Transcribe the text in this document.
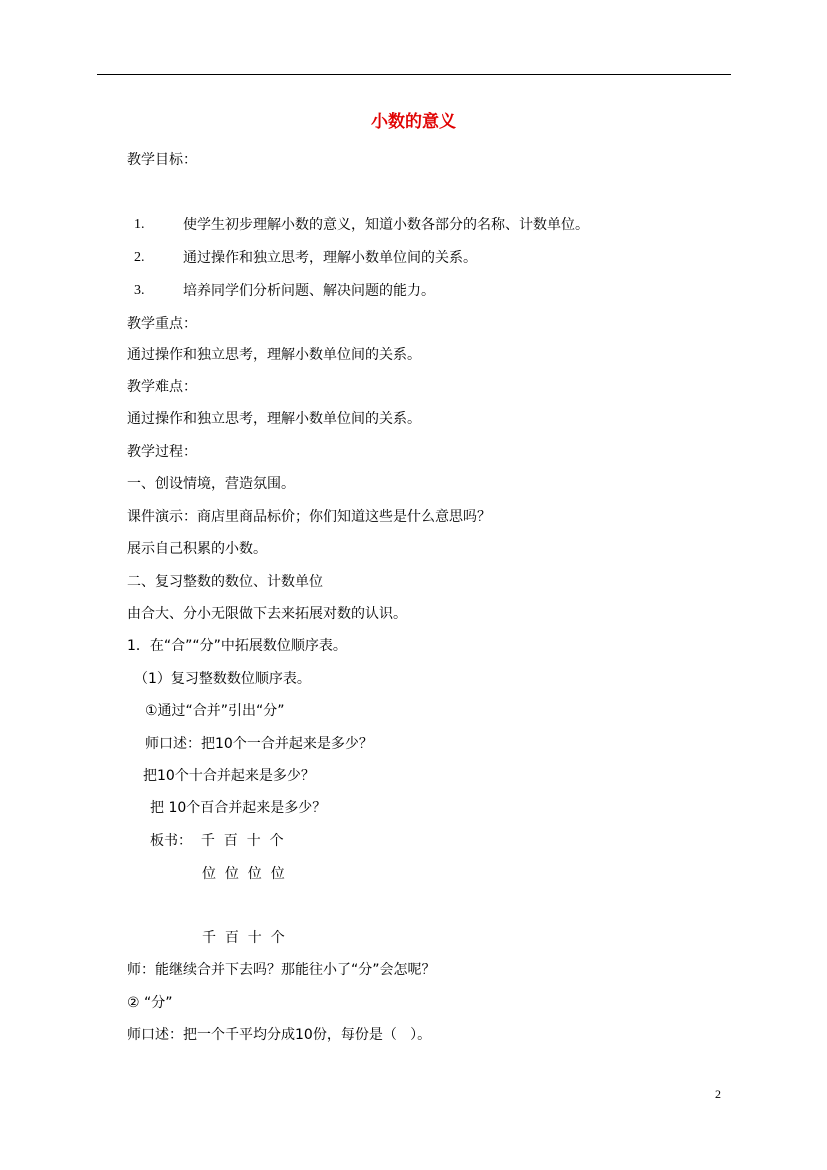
小数的意义
教学目标：
1.	使学生初步理解小数的意义，知道小数各部分的名称、计数单位。
2.	通过操作和独立思考，理解小数单位间的关系。
3.	培养同学们分析问题、解决问题的能力。
教学重点：
通过操作和独立思考，理解小数单位间的关系。
教学难点：
通过操作和独立思考，理解小数单位间的关系。
教学过程：
一、创设情境，营造氛围。
课件演示：商店里商品标价；你们知道这些是什么意思吗？
展示自己积累的小数。
二、复习整数的数位、计数单位
由合大、分小无限做下去来拓展对数的认识。
1．在“合”“分”中拓展数位顺序表。
（1）复习整数数位顺序表。
①通过“合并”引出“分”
师口述：把10个一合并起来是多少？
把10个十合并起来是多少？
把 10个百合并起来是多少？
板书：  千  百  十  个
位  位  位  位
千  百  十  个
师：能继续合并下去吗？那能往小了“分”会怎呢？
② “分”
师口述：把一个千平均分成10份，每份是（   ）。
2
